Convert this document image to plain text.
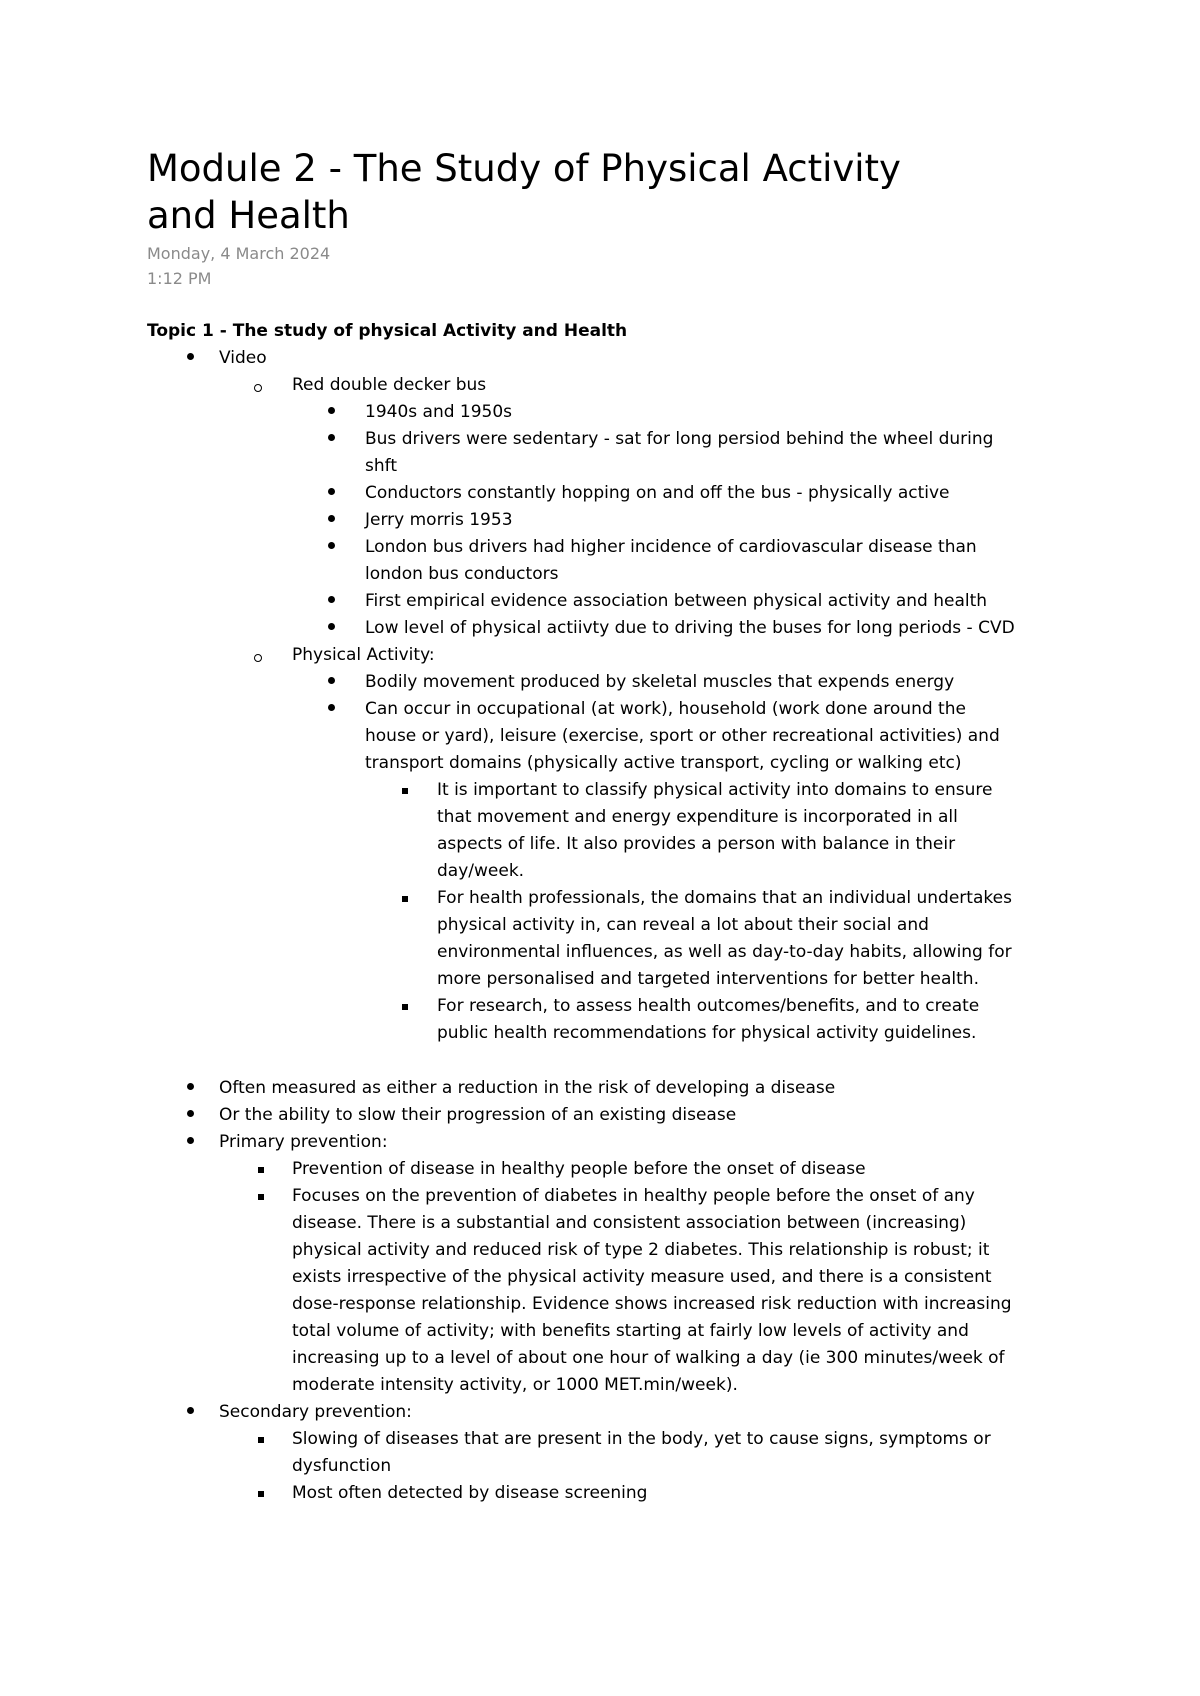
Module 2 - The Study of Physical Activity
and Health
Monday, 4 March 2024
1:12 PM
Topic 1 - The study of physical Activity and Health
Video
Red double decker bus
1940s and 1950s
Bus drivers were sedentary - sat for long persiod behind the wheel during
shft
Conductors constantly hopping on and off the bus - physically active
Jerry morris 1953
London bus drivers had higher incidence of cardiovascular disease than
london bus conductors
First empirical evidence association between physical activity and health
Low level of physical actiivty due to driving the buses for long periods - CVD
Physical Activity:
Bodily movement produced by skeletal muscles that expends energy
Can occur in occupational (at work), household (work done around the
house or yard), leisure (exercise, sport or other recreational activities) and
transport domains (physically active transport, cycling or walking etc)
It is important to classify physical activity into domains to ensure
that movement and energy expenditure is incorporated in all
aspects of life. It also provides a person with balance in their
day/week.
For health professionals, the domains that an individual undertakes
physical activity in, can reveal a lot about their social and
environmental influences, as well as day-to-day habits, allowing for
more personalised and targeted interventions for better health.
For research, to assess health outcomes/benefits, and to create
public health recommendations for physical activity guidelines.
Often measured as either a reduction in the risk of developing a disease
Or the ability to slow their progression of an existing disease
Primary prevention:
Prevention of disease in healthy people before the onset of disease
Focuses on the prevention of diabetes in healthy people before the onset of any
disease. There is a substantial and consistent association between (increasing)
physical activity and reduced risk of type 2 diabetes. This relationship is robust; it
exists irrespective of the physical activity measure used, and there is a consistent
dose-response relationship. Evidence shows increased risk reduction with increasing
total volume of activity; with benefits starting at fairly low levels of activity and
increasing up to a level of about one hour of walking a day (ie 300 minutes/week of
moderate intensity activity, or 1000 MET.min/week).
Secondary prevention:
Slowing of diseases that are present in the body, yet to cause signs, symptoms or
dysfunction
Most often detected by disease screening
